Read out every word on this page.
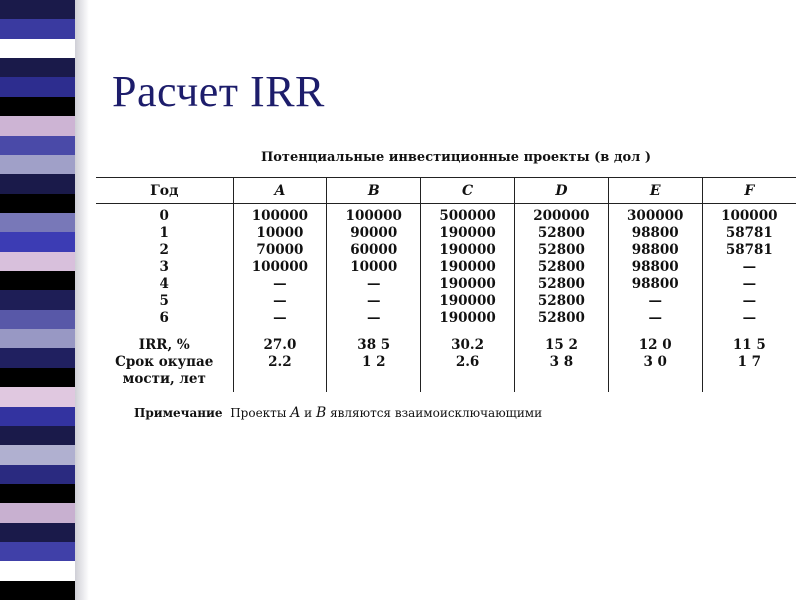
Расчет IRR
Потенциальные инвестиционные проекты (в дол )
Год	A	B	C	D	E	F
0	100000	100000	500000	200000	300000	100000
1	10000	90000	190000	52800	98800	58781
2	70000	60000	190000	52800	98800	58781
3	100000	10000	190000	52800	98800	—
4	—	—	190000	52800	98800	—
5	—	—	190000	52800	—	—
6	—	—	190000	52800	—	—

IRR, %	27.0	38 5	30.2	15 2	12 0	11 5

Срок окупае
мости, лет	2.2	1 2	2.6	3 8	3 0	1 7

Примечание Проекты A и B являются взаимоисключающими
